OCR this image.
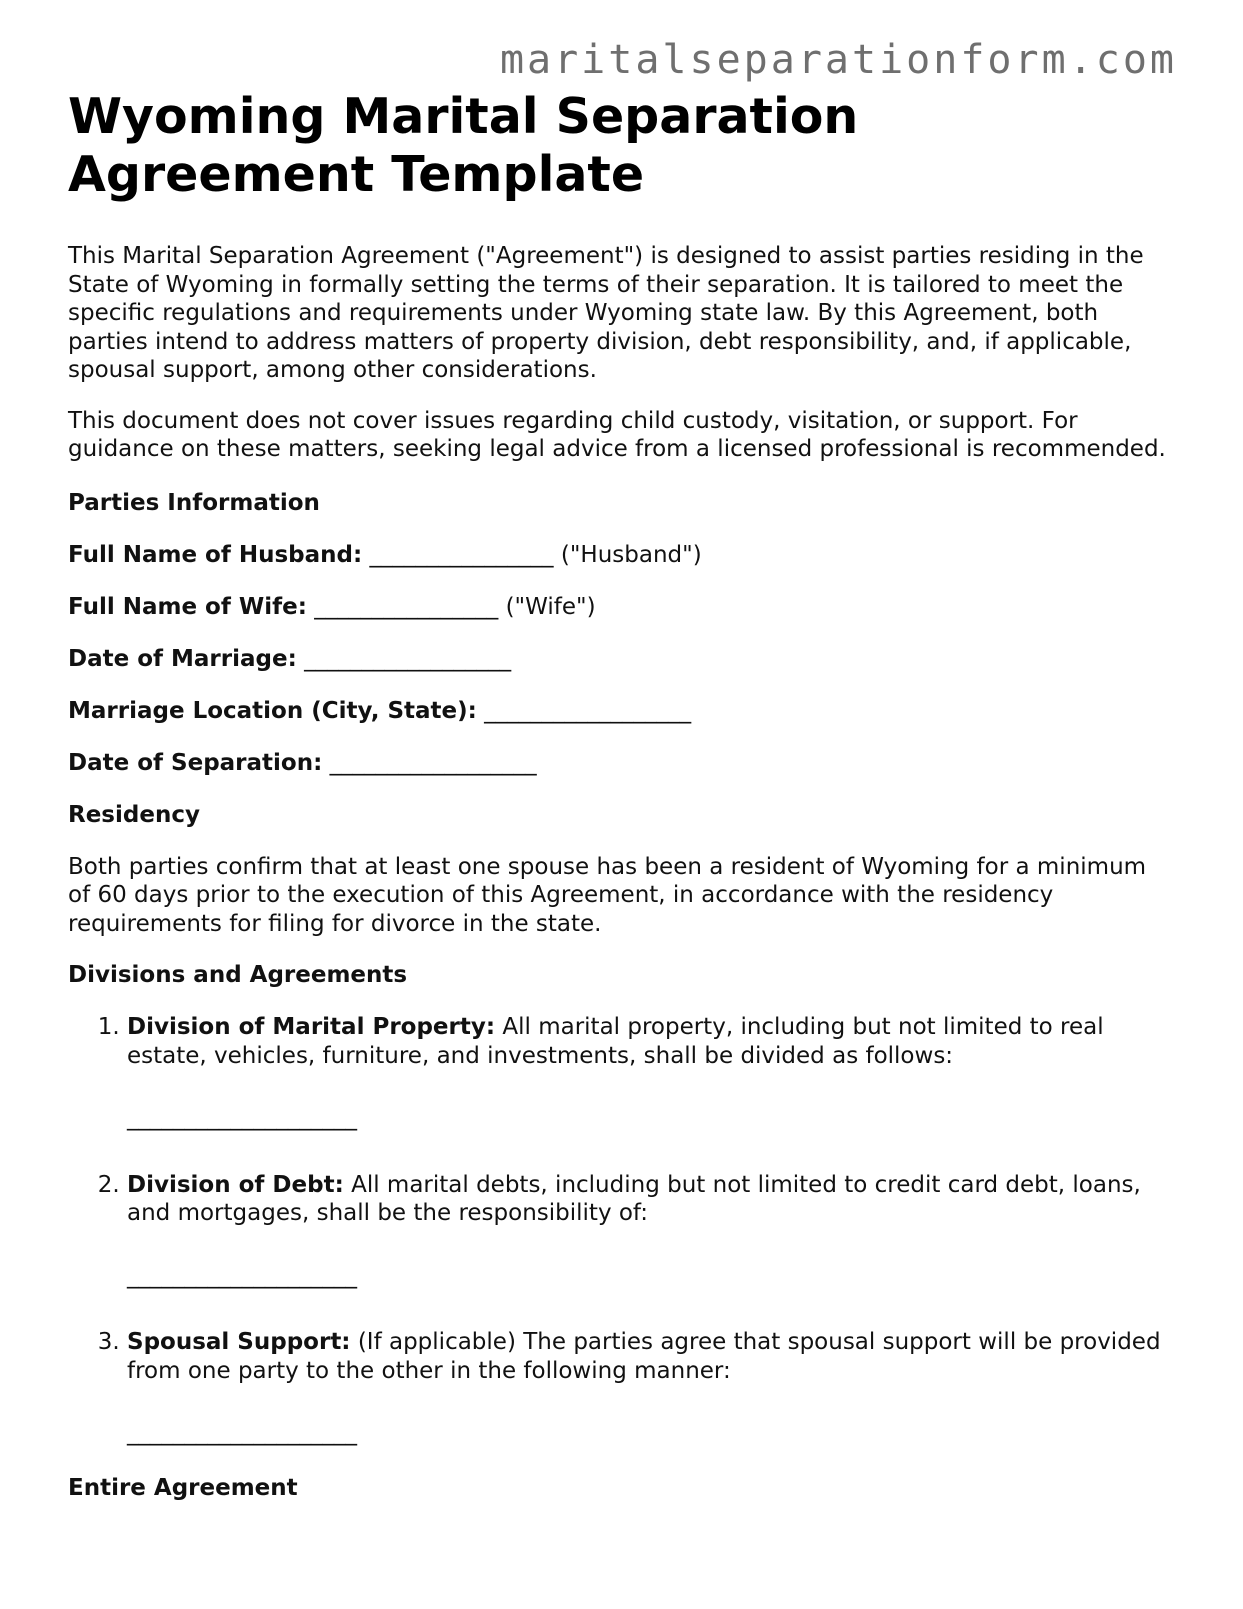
maritalseparationform.com
Wyoming Marital Separation Agreement Template

This Marital Separation Agreement ("Agreement") is designed to assist parties residing in the State of Wyoming in formally setting the terms of their separation. It is tailored to meet the specific regulations and requirements under Wyoming state law. By this Agreement, both parties intend to address matters of property division, debt responsibility, and, if applicable, spousal support, among other considerations.

This document does not cover issues regarding child custody, visitation, or support. For guidance on these matters, seeking legal advice from a licensed professional is recommended.

Parties Information
Full Name of Husband: ________________ ("Husband")
Full Name of Wife: ________________ ("Wife")
Date of Marriage: __________________
Marriage Location (City, State): __________________
Date of Separation: __________________
Residency

Both parties confirm that at least one spouse has been a resident of Wyoming for a minimum of 60 days prior to the execution of this Agreement, in accordance with the residency requirements for filing for divorce in the state.

Divisions and Agreements
1. Division of Marital Property: All marital property, including but not limited to real estate, vehicles, furniture, and investments, shall be divided as follows:
____________________
2. Division of Debt: All marital debts, including but not limited to credit card debt, loans, and mortgages, shall be the responsibility of:
____________________
3. Spousal Support: (If applicable) The parties agree that spousal support will be provided from one party to the other in the following manner:
____________________
Entire Agreement
